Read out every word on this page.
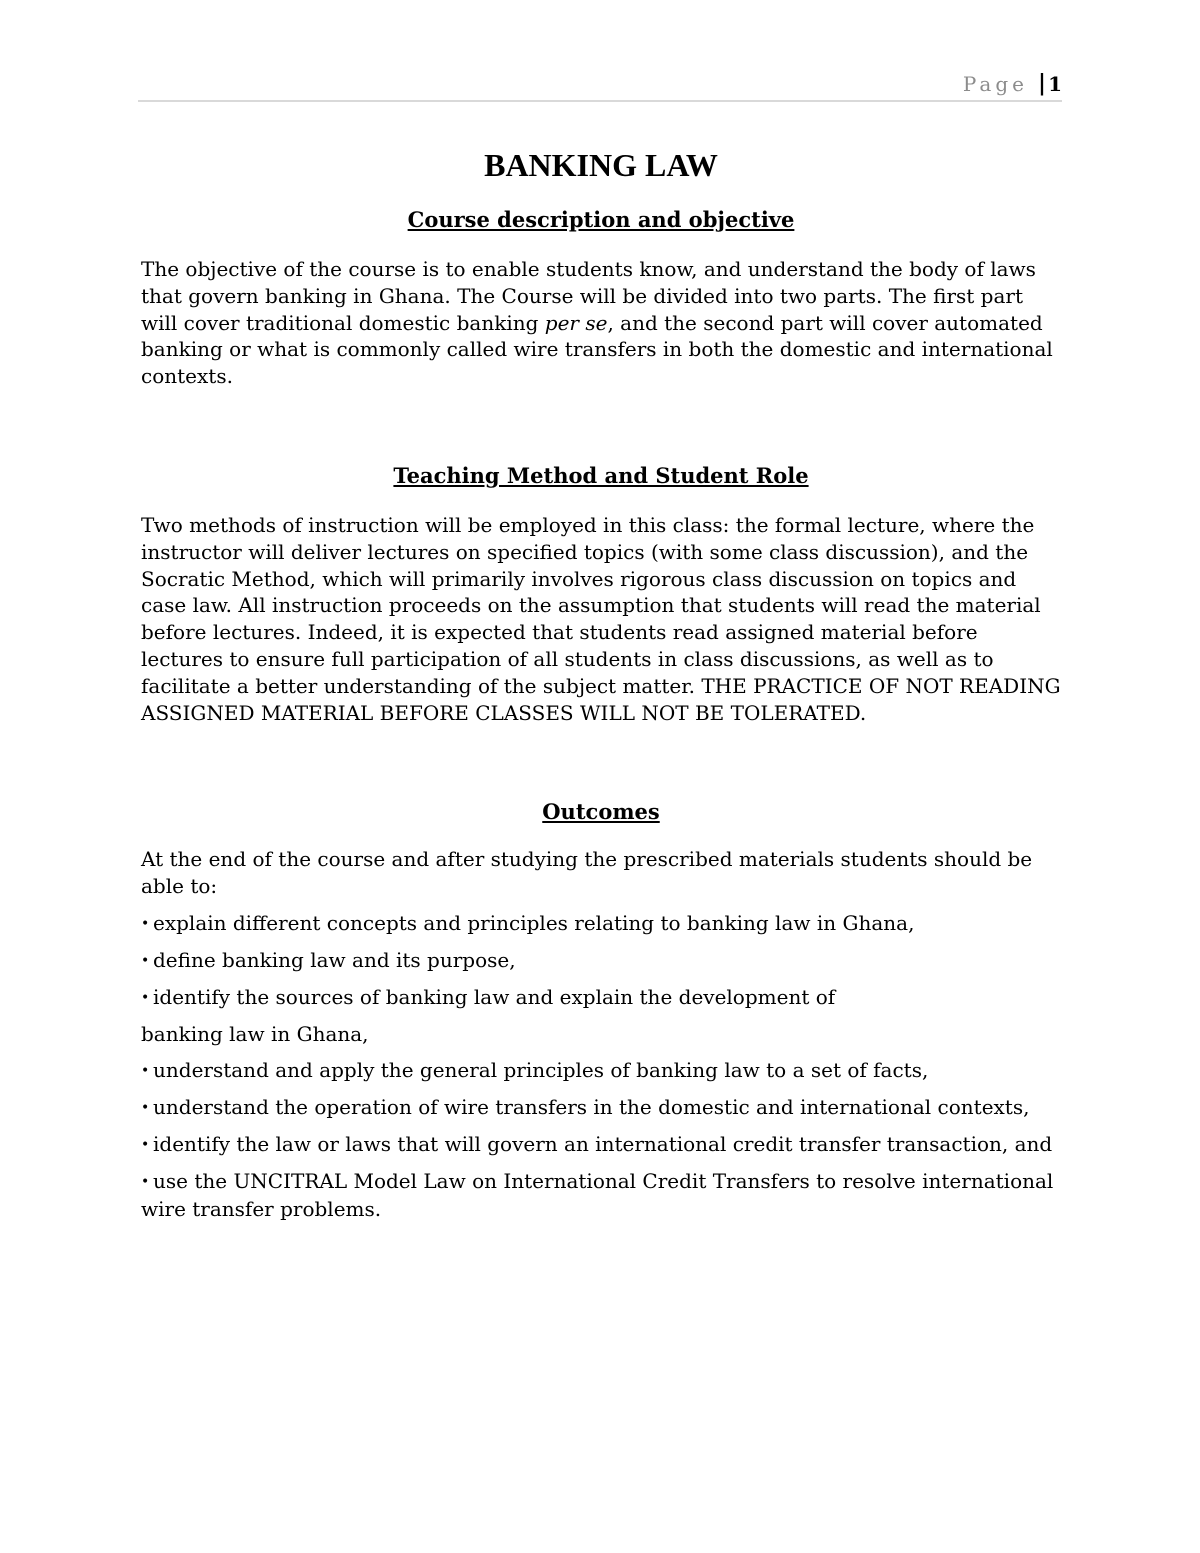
Page | 1
BANKING LAW
Course description and objective

The objective of the course is to enable students know, and understand the body of laws that govern banking in Ghana. The Course will be divided into two parts. The first part will cover traditional domestic banking per se, and the second part will cover automated banking or what is commonly called wire transfers in both the domestic and international contexts.

Teaching Method and Student Role

Two methods of instruction will be employed in this class: the formal lecture, where the instructor will deliver lectures on specified topics (with some class discussion), and the Socratic Method, which will primarily involves rigorous class discussion on topics and case law. All instruction proceeds on the assumption that students will read the material before lectures. Indeed, it is expected that students read assigned material before lectures to ensure full participation of all students in class discussions, as well as to facilitate a better understanding of the subject matter. THE PRACTICE OF NOT READING ASSIGNED MATERIAL BEFORE CLASSES WILL NOT BE TOLERATED.

Outcomes

At the end of the course and after studying the prescribed materials students should be able to:

• explain different concepts and principles relating to banking law in Ghana,
• define banking law and its purpose,
• identify the sources of banking law and explain the development of
banking law in Ghana,
• understand and apply the general principles of banking law to a set of facts,
• understand the operation of wire transfers in the domestic and international contexts,
• identify the law or laws that will govern an international credit transfer transaction, and
• use the UNCITRAL Model Law on International Credit Transfers to resolve international wire transfer problems.
